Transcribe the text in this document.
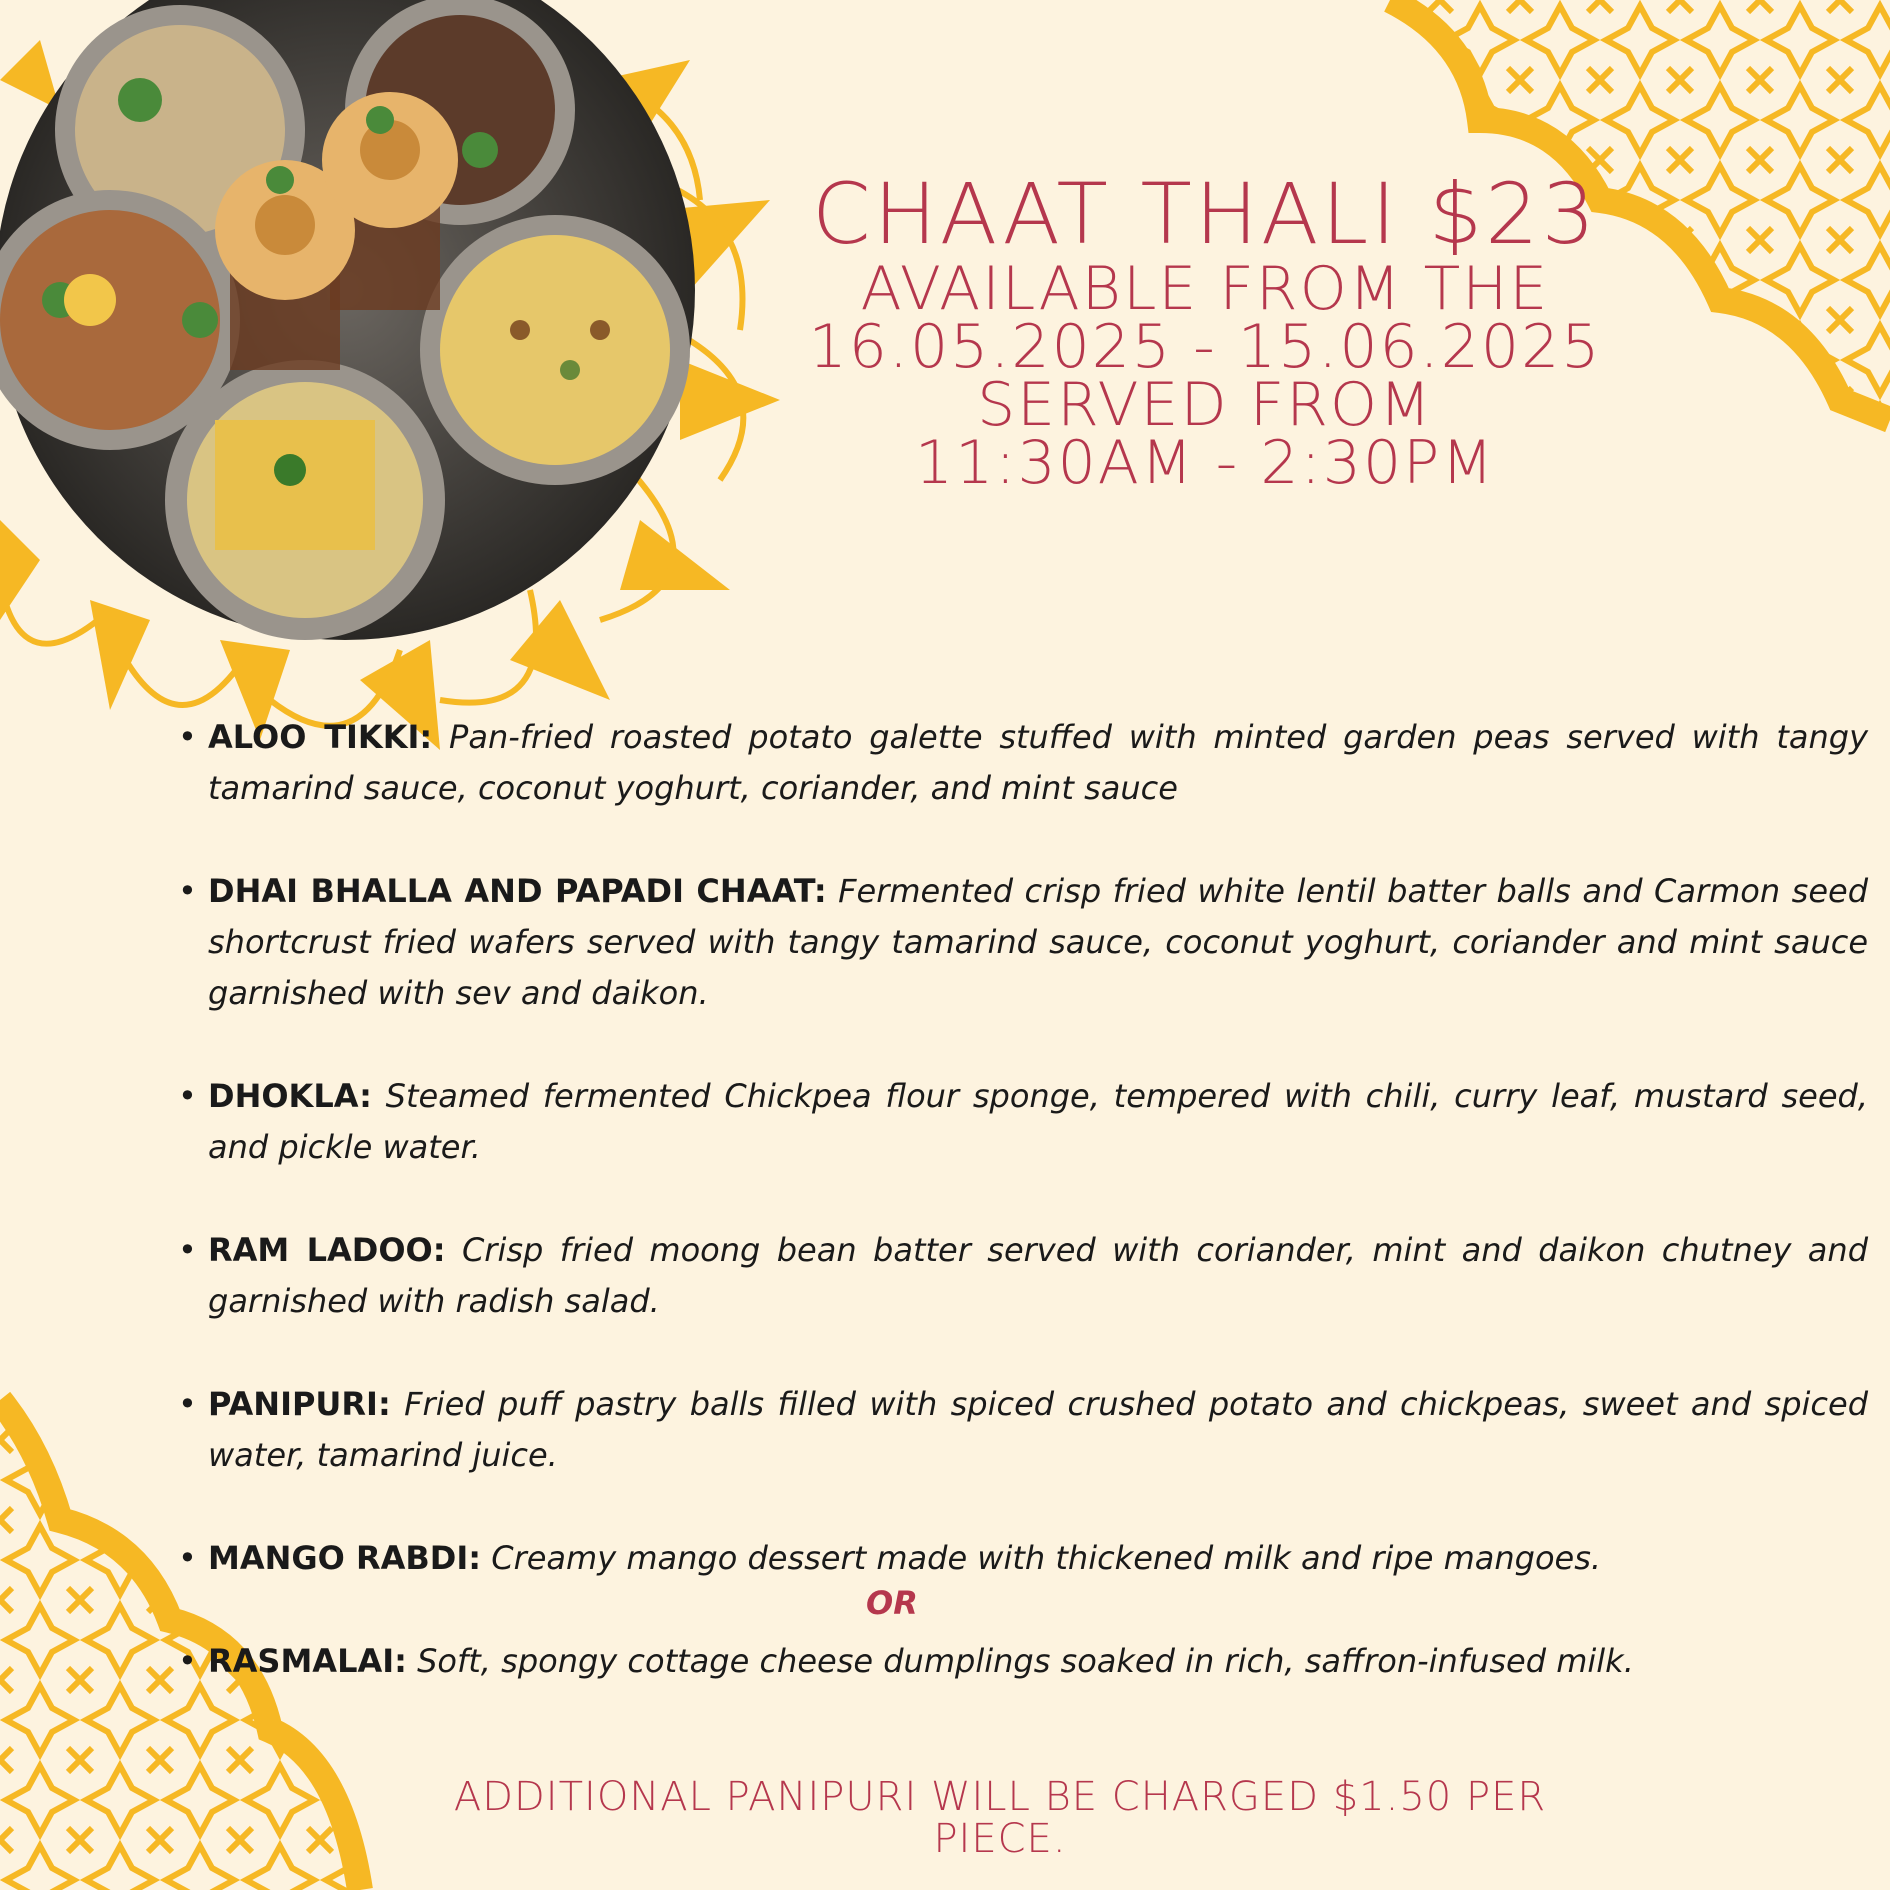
CHAAT THALI $23
AVAILABLE FROM THE
16.05.2025 - 15.06.2025
SERVED FROM
11:30AM - 2:30PM
• ALOO TIKKI: Pan-fried roasted potato galette stuffed with minted garden peas served with tangy tamarind sauce, coconut yoghurt, coriander, and mint sauce
• DHAI BHALLA AND PAPADI CHAAT: Fermented crisp fried white lentil batter balls and Carmon seed shortcrust fried wafers served with tangy tamarind sauce, coconut yoghurt, coriander and mint sauce garnished with sev and daikon.
• DHOKLA: Steamed fermented Chickpea flour sponge, tempered with chili, curry leaf, mustard seed, and pickle water.
• RAM LADOO: Crisp fried moong bean batter served with coriander, mint and daikon chutney and garnished with radish salad.
• PANIPURI: Fried puff pastry balls filled with spiced crushed potato and chickpeas, sweet and spiced water, tamarind juice.
• MANGO RABDI: Creamy mango dessert made with thickened milk and ripe mangoes.
• RASMALAI: Soft, spongy cottage cheese dumplings soaked in rich, saffron-infused milk.
OR
ADDITIONAL PANIPURI WILL BE CHARGED $1.50 PER
PIECE.
